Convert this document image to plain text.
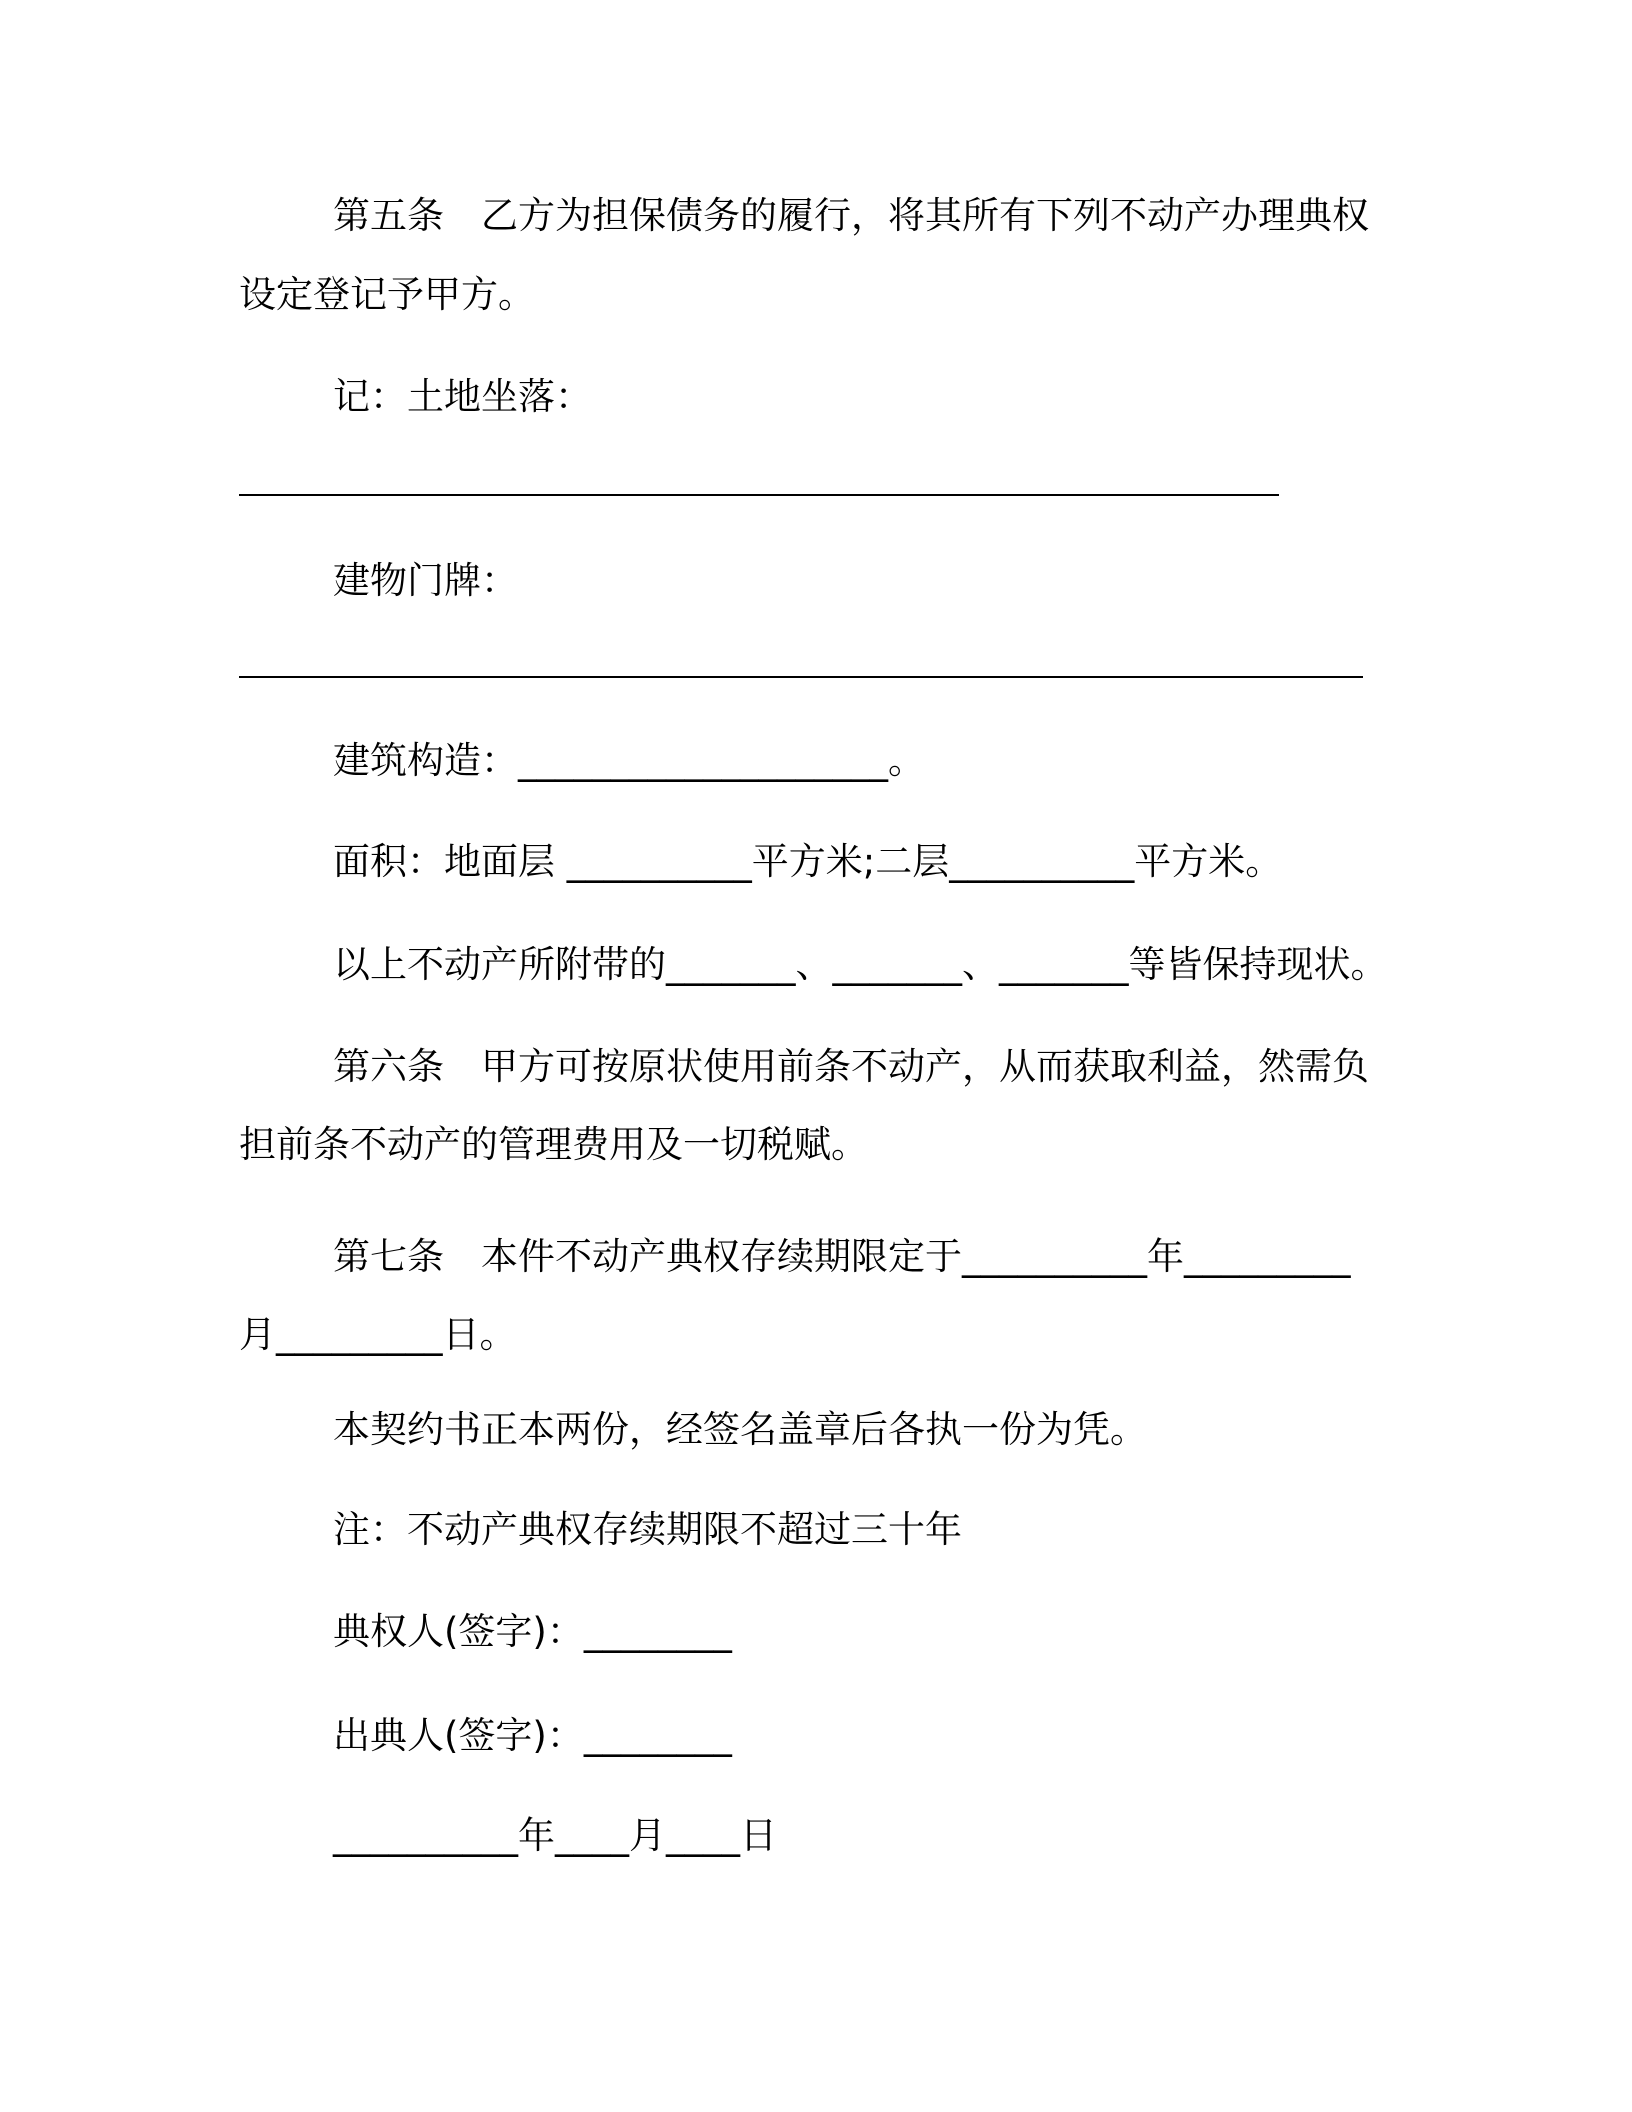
第五条　乙方为担保债务的履行，将其所有下列不动产办理典权
设定登记予甲方。
记：土地坐落：
建物门牌：
建筑构造：____________________。
面积：地面层 __________平方米;二层__________平方米。
以上不动产所附带的_______、_______、_______等皆保持现状。
第六条　甲方可按原状使用前条不动产，从而获取利益，然需负
担前条不动产的管理费用及一切税赋。
第七条　本件不动产典权存续期限定于__________年_________
月_________日。
本契约书正本两份，经签名盖章后各执一份为凭。
注：不动产典权存续期限不超过三十年
典权人(签字)：________
出典人(签字)：________
__________年____月____日
